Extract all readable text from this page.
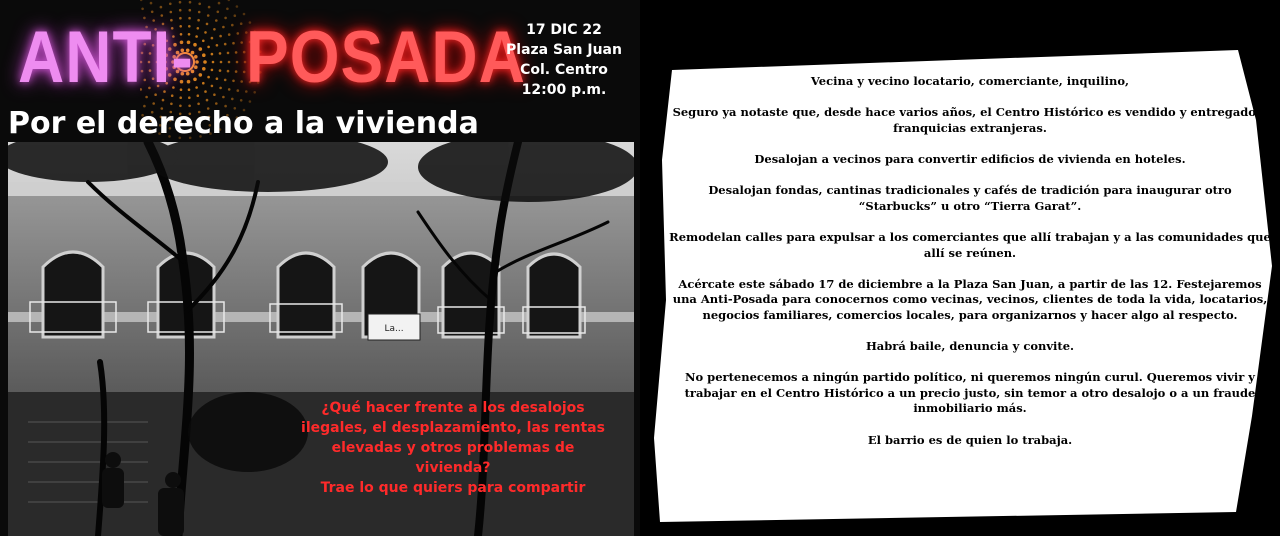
ANTI- POSADA 17 DIC 22
Plaza San Juan
Col. Centro
12:00 p.m.
Por el derecho a la vivienda
La...
¿Qué hacer frente a los desalojos
ilegales, el desplazamiento, las rentas
elevadas y otros problemas de
vivienda?
Trae lo que quiers para compartir

Vecina y vecino locatario, comerciante, inquilino,

Seguro ya notaste que, desde hace varios años, el Centro Histórico es vendido y entregado a franquicias extranjeras.

Desalojan a vecinos para convertir edificios de vivienda en hoteles.

Desalojan fondas, cantinas tradicionales y cafés de tradición para inaugurar otro “Starbucks” u otro “Tierra Garat”.

Remodelan calles para expulsar a los comerciantes que allí trabajan y a las comunidades que allí se reúnen.

Acércate este sábado 17 de diciembre a la Plaza San Juan, a partir de las 12. Festejaremos una Anti-Posada para conocernos como vecinas, vecinos, clientes de toda la vida, locatarios, negocios familiares, comercios locales, para organizarnos y hacer algo al respecto.

Habrá baile, denuncia y convite.

No pertenecemos a ningún partido político, ni queremos ningún curul. Queremos vivir y trabajar en el Centro Histórico a un precio justo, sin temor a otro desalojo o a un fraude inmobiliario más.

El barrio es de quien lo trabaja.
